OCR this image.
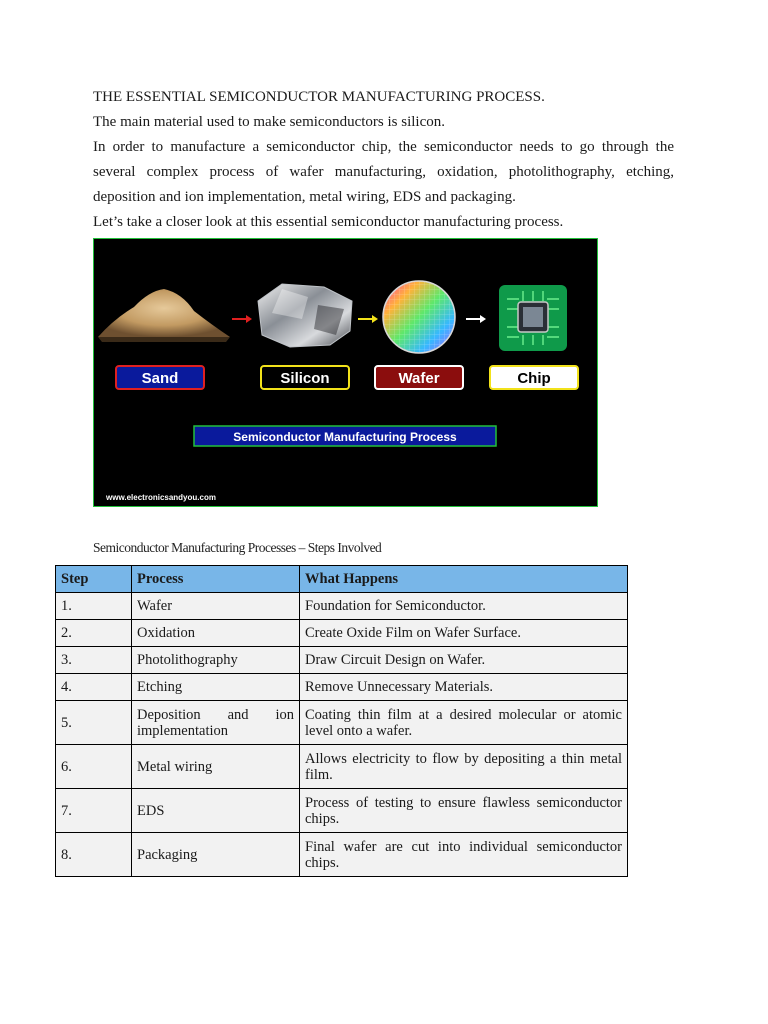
THE ESSENTIAL SEMICONDUCTOR MANUFACTURING PROCESS.

The main material used to make semiconductors is silicon.

In order to manufacture a semiconductor chip, the semiconductor needs to go through the

several complex process of wafer manufacturing, oxidation, photolithography, etching,

deposition and ion implementation, metal wiring, EDS and packaging.

Let’s take a closer look at this essential semiconductor manufacturing process.

Sand	Silicon	Wafer	Chip
Semiconductor Manufacturing Process
www.electronicsandyou.com
Semiconductor Manufacturing Processes – Steps Involved
Step	Process	What Happens
1.	Wafer	Foundation for Semiconductor.
2.	Oxidation	Create Oxide Film on Wafer Surface.
3.	Photolithography	Draw Circuit Design on Wafer.
4.	Etching	Remove Unnecessary Materials.
5.	Deposition and ion implementation	Coating thin film at a desired molecular or atomic level onto a wafer.
6.	Metal wiring	Allows electricity to flow by depositing a thin metal film.
7.	EDS	Process of testing to ensure flawless semiconductor chips.
8.	Packaging	Final wafer are cut into individual semiconductor chips.
